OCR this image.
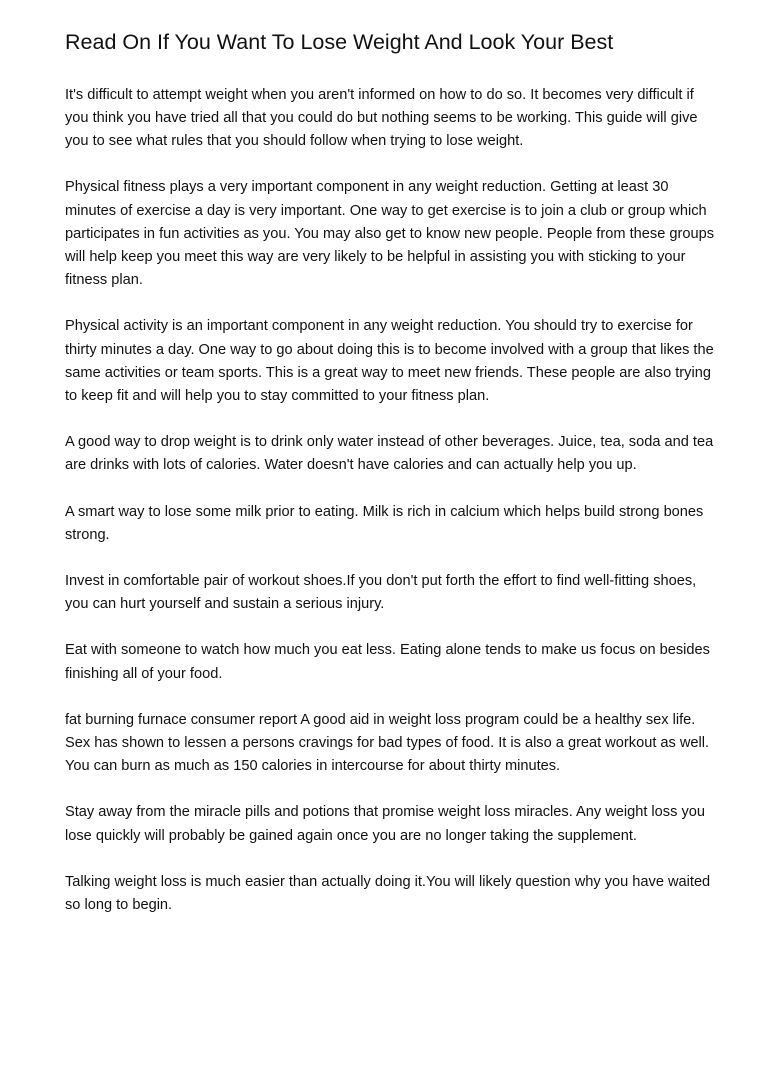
Read On If You Want To Lose Weight And Look Your Best

It's difficult to attempt weight when you aren't informed on how to do so. It becomes very difficult if you think you have tried all that you could do but nothing seems to be working. This guide will give you to see what rules that you should follow when trying to lose weight.

Physical fitness plays a very important component in any weight reduction. Getting at least 30 minutes of exercise a day is very important. One way to get exercise is to join a club or group which participates in fun activities as you. You may also get to know new people. People from these groups will help keep you meet this way are very likely to be helpful in assisting you with sticking to your fitness plan.

Physical activity is an important component in any weight reduction. You should try to exercise for thirty minutes a day. One way to go about doing this is to become involved with a group that likes the same activities or team sports. This is a great way to meet new friends. These people are also trying to keep fit and will help you to stay committed to your fitness plan.

A good way to drop weight is to drink only water instead of other beverages. Juice, tea, soda and tea are drinks with lots of calories. Water doesn't have calories and can actually help you up.

A smart way to lose some milk prior to eating. Milk is rich in calcium which helps build strong bones strong.

Invest in comfortable pair of workout shoes.If you don't put forth the effort to find well-fitting shoes, you can hurt yourself and sustain a serious injury.

Eat with someone to watch how much you eat less. Eating alone tends to make us focus on besides finishing all of your food.

fat burning furnace consumer report A good aid in weight loss program could be a healthy sex life. Sex has shown to lessen a persons cravings for bad types of food. It is also a great workout as well. You can burn as much as 150 calories in intercourse for about thirty minutes.

Stay away from the miracle pills and potions that promise weight loss miracles. Any weight loss you lose quickly will probably be gained again once you are no longer taking the supplement.

Talking weight loss is much easier than actually doing it.You will likely question why you have waited so long to begin.
